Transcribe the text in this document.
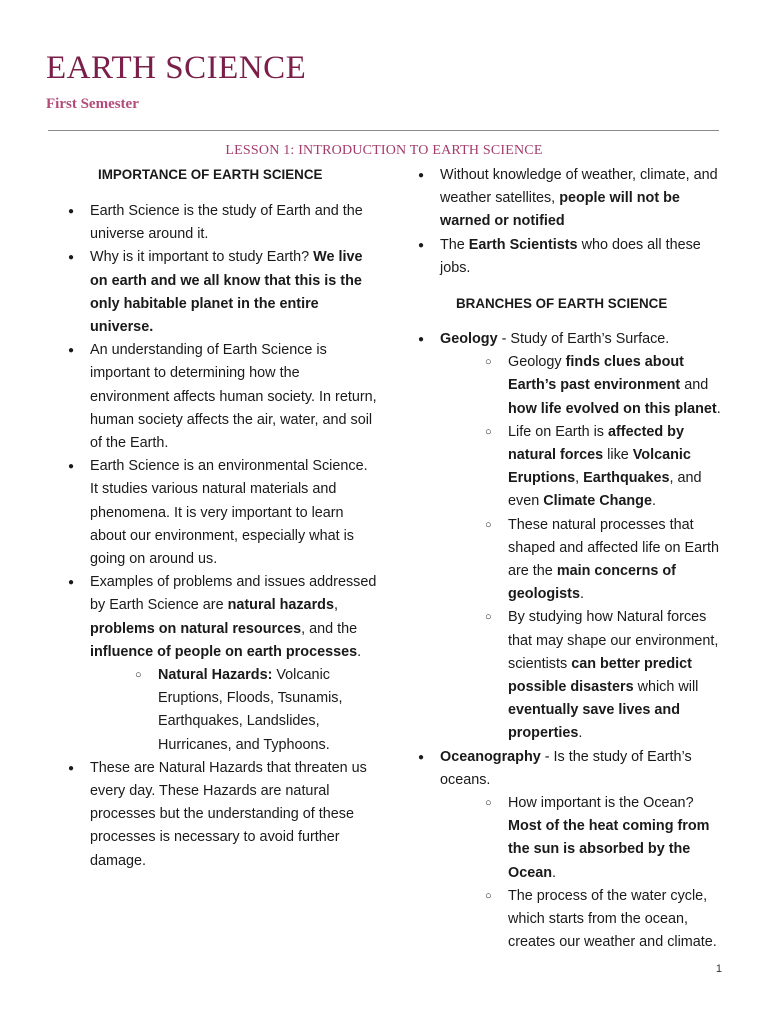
EARTH SCIENCE
First Semester
LESSON 1: INTRODUCTION TO EARTH SCIENCE
IMPORTANCE OF EARTH SCIENCE
● Earth Science is the study of Earth and the universe around it.
● Why is it important to study Earth? We live on earth and we all know that this is the only habitable planet in the entire universe.
● An understanding of Earth Science is important to determining how the environment affects human society. In return, human society affects the air, water, and soil of the Earth.
● Earth Science is an environmental Science. It studies various natural materials and phenomena. It is very important to learn about our environment, especially what is going on around us.
● Examples of problems and issues addressed by Earth Science are natural hazards, problems on natural resources, and the influence of people on earth processes.
○ Natural Hazards: Volcanic Eruptions, Floods, Tsunamis, Earthquakes, Landslides, Hurricanes, and Typhoons.
● These are Natural Hazards that threaten us every day. These Hazards are natural processes but the understanding of these processes is necessary to avoid further damage.
● Without knowledge of weather, climate, and weather satellites, people will not be warned or notified
● The Earth Scientists who does all these jobs.
BRANCHES OF EARTH SCIENCE
● Geology - Study of Earth’s Surface.
○ Geology finds clues about Earth’s past environment and how life evolved on this planet.
○ Life on Earth is affected by natural forces like Volcanic Eruptions, Earthquakes, and even Climate Change.
○ These natural processes that shaped and affected life on Earth are the main concerns of geologists.
○ By studying how Natural forces that may shape our environment, scientists can better predict possible disasters which will eventually save lives and properties.
● Oceanography - Is the study of Earth’s oceans.
○ How important is the Ocean? Most of the heat coming from the sun is absorbed by the Ocean.
○ The process of the water cycle, which starts from the ocean, creates our weather and climate.
1
